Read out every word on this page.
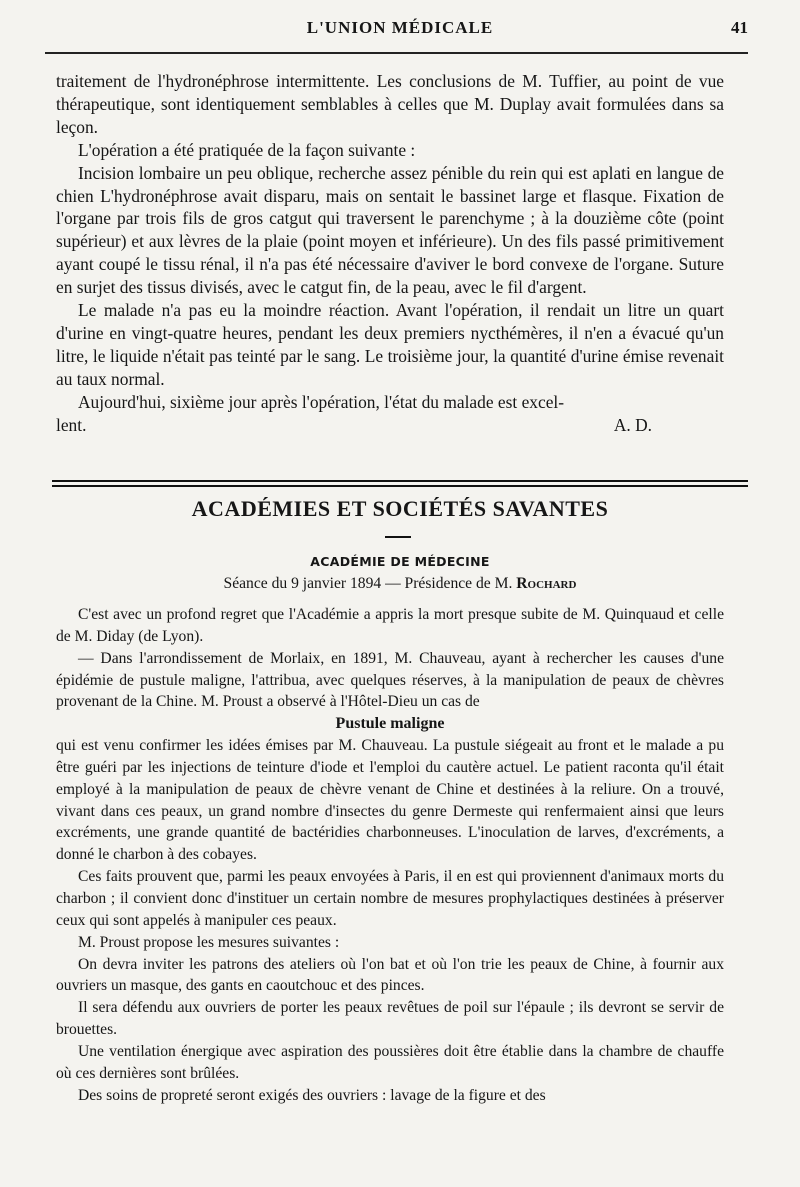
L'UNION MÉDICALE	41

traitement de l'hydronéphrose intermittente. Les conclusions de M. Tuffier, au point de vue thérapeutique, sont identiquement semblables à celles que M. Duplay avait formulées dans sa leçon.

L'opération a été pratiquée de la façon suivante :

Incision lombaire un peu oblique, recherche assez pénible du rein qui est aplati en langue de chien L'hydronéphrose avait disparu, mais on sentait le bassinet large et flasque. Fixation de l'organe par trois fils de gros catgut qui traversent le parenchyme ; à la douzième côte (point supérieur) et aux lèvres de la plaie (point moyen et inférieure). Un des fils passé primitivement ayant coupé le tissu rénal, il n'a pas été nécessaire d'aviver le bord convexe de l'organe. Suture en surjet des tissus divisés, avec le catgut fin, de la peau, avec le fil d'argent.

Le malade n'a pas eu la moindre réaction. Avant l'opération, il rendait un litre un quart d'urine en vingt-quatre heures, pendant les deux premiers nycthémères, il n'en a évacué qu'un litre, le liquide n'était pas teinté par le sang. Le troisième jour, la quantité d'urine émise revenait au taux normal.

Aujourd'hui, sixième jour après l'opération, l'état du malade est excel-

lent.	A. D.
ACADÉMIES ET SOCIÉTÉS SAVANTES
ACADÉMIE DE MÉDECINE
Séance du 9 janvier 1894 — Présidence de M. Rochard

C'est avec un profond regret que l'Académie a appris la mort presque subite de M. Quinquaud et celle de M. Diday (de Lyon).

— Dans l'arrondissement de Morlaix, en 1891, M. Chauveau, ayant à rechercher les causes d'une épidémie de pustule maligne, l'attribua, avec quelques réserves, à la manipulation de peaux de chèvres provenant de la Chine. M. Proust a observé à l'Hôtel-Dieu un cas de

Pustule maligne

qui est venu confirmer les idées émises par M. Chauveau. La pustule siégeait au front et le malade a pu être guéri par les injections de teinture d'iode et l'emploi du cautère actuel. Le patient raconta qu'il était employé à la manipulation de peaux de chèvre venant de Chine et destinées à la reliure. On a trouvé, vivant dans ces peaux, un grand nombre d'insectes du genre Dermeste qui renfermaient ainsi que leurs excréments, une grande quantité de bactéridies charbonneuses. L'inoculation de larves, d'excréments, a donné le charbon à des cobayes.

Ces faits prouvent que, parmi les peaux envoyées à Paris, il en est qui proviennent d'animaux morts du charbon ; il convient donc d'instituer un certain nombre de mesures prophylactiques destinées à préserver ceux qui sont appelés à manipuler ces peaux.

M. Proust propose les mesures suivantes :

On devra inviter les patrons des ateliers où l'on bat et où l'on trie les peaux de Chine, à fournir aux ouvriers un masque, des gants en caoutchouc et des pinces.

Il sera défendu aux ouvriers de porter les peaux revêtues de poil sur l'épaule ; ils devront se servir de brouettes.

Une ventilation énergique avec aspiration des poussières doit être établie dans la chambre de chauffe où ces dernières sont brûlées.

Des soins de propreté seront exigés des ouvriers : lavage de la figure et des
